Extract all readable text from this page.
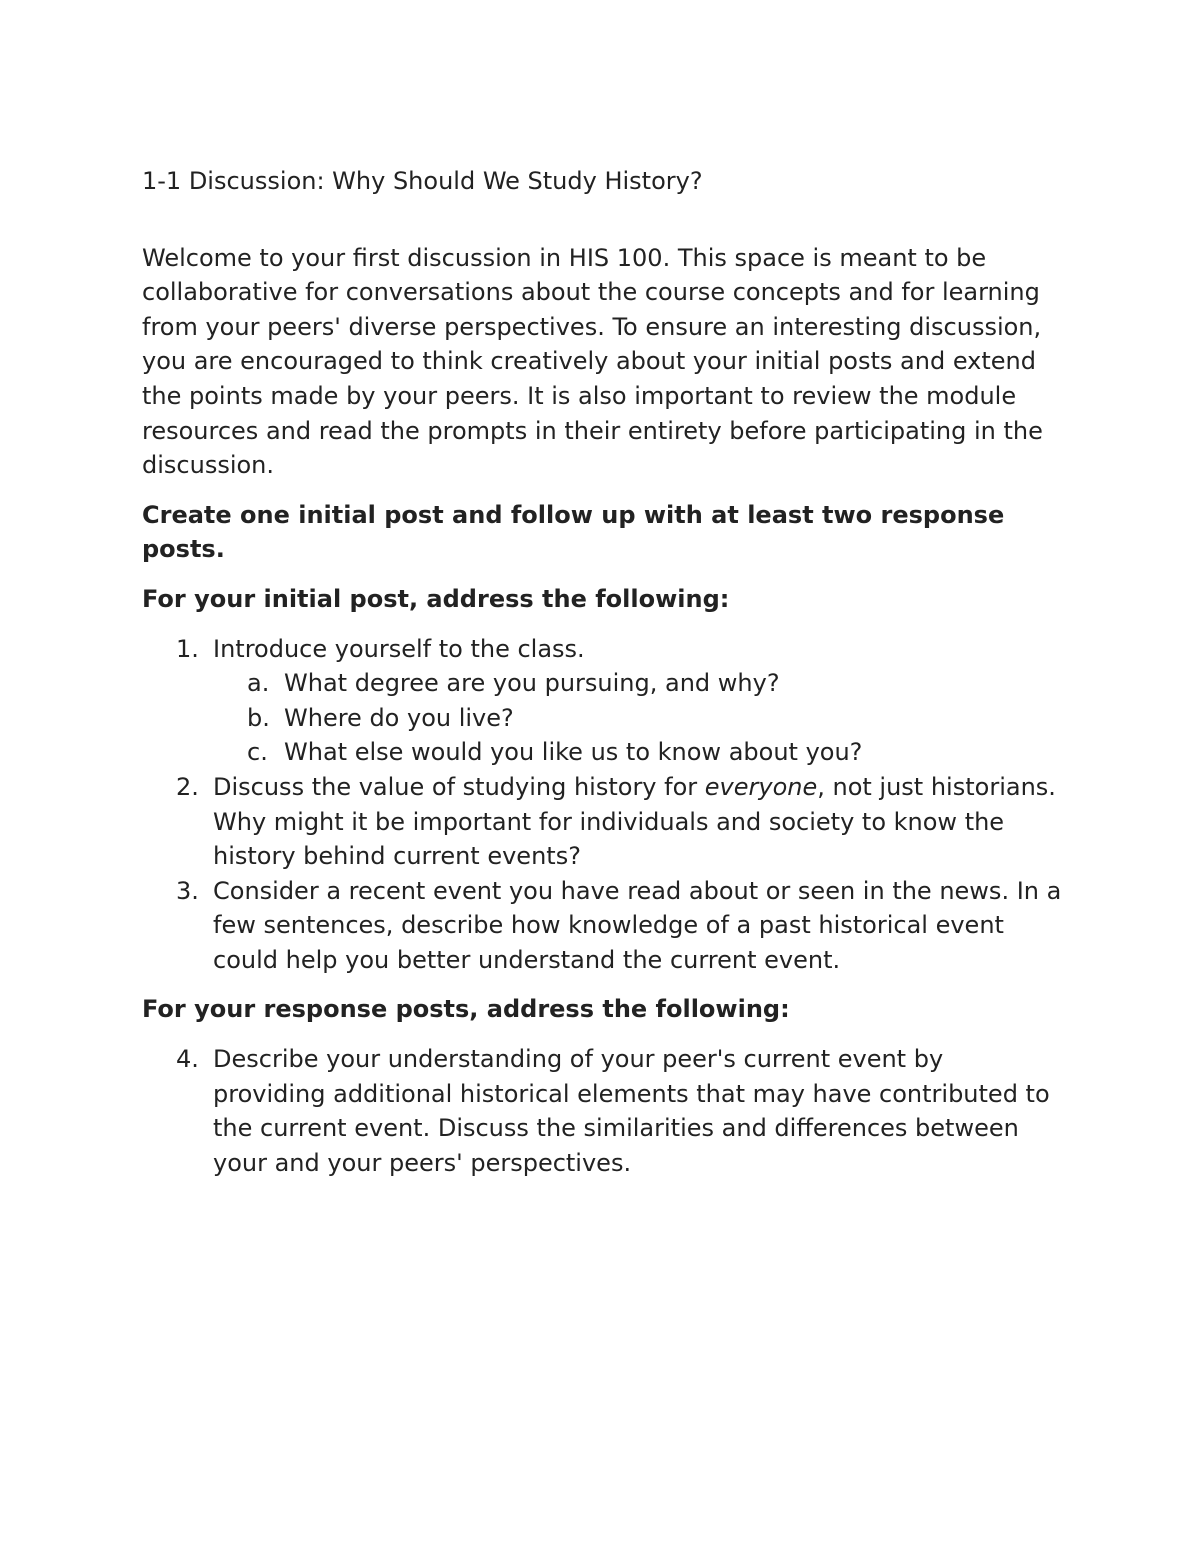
1-1 Discussion: Why Should We Study History?

Welcome to your first discussion in HIS 100. This space is meant to be collaborative for conversations about the course concepts and for learning from your peers' diverse perspectives. To ensure an interesting discussion, you are encouraged to think creatively about your initial posts and extend the points made by your peers. It is also important to review the module resources and read the prompts in their entirety before participating in the discussion.

Create one initial post and follow up with at least two response posts.

For your initial post, address the following:

1. Introduce yourself to the class.
a. What degree are you pursuing, and why?
b. Where do you live?
c. What else would you like us to know about you?
2. Discuss the value of studying history for everyone, not just historians. Why might it be important for individuals and society to know the history behind current events?
3. Consider a recent event you have read about or seen in the news. In a few sentences, describe how knowledge of a past historical event could help you better understand the current event.

For your response posts, address the following:

4. Describe your understanding of your peer's current event by providing additional historical elements that may have contributed to the current event. Discuss the similarities and differences between your and your peers' perspectives.
